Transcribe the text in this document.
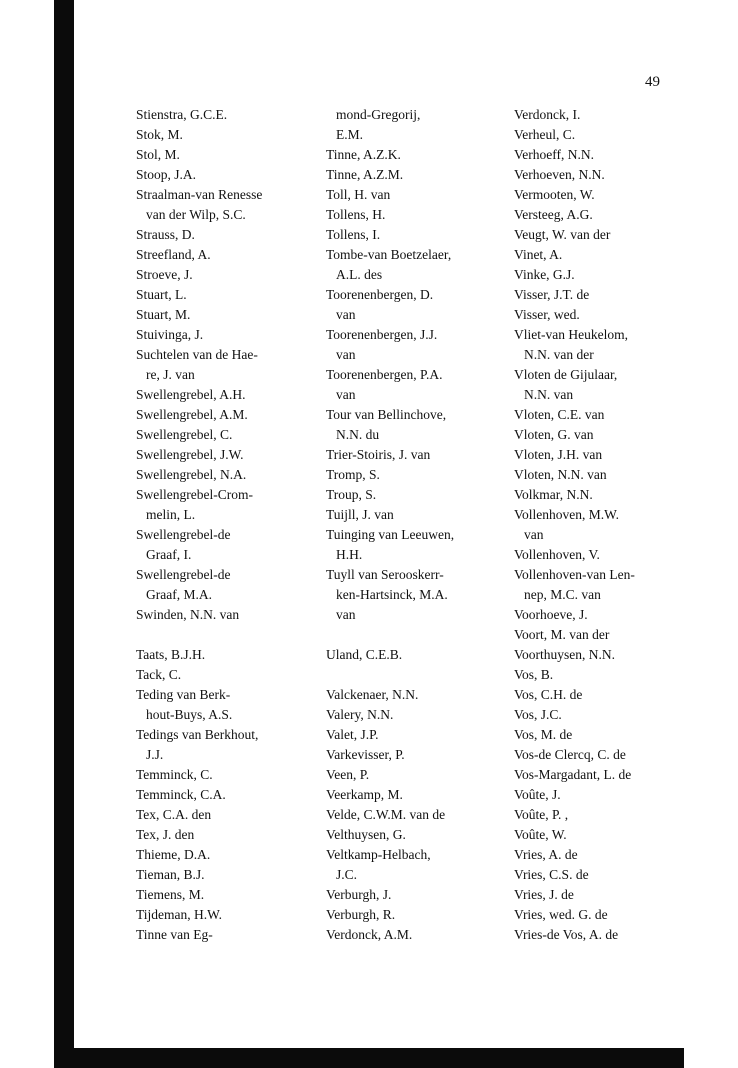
49
Stienstra, G.C.E.
Stok, M.
Stol, M.
Stoop, J.A.
Straalman-van Renesse
van der Wilp, S.C.
Strauss, D.
Streefland, A.
Stroeve, J.
Stuart, L.
Stuart, M.
Stuivinga, J.
Suchtelen van de Hae-
re, J. van
Swellengrebel, A.H.
Swellengrebel, A.M.
Swellengrebel, C.
Swellengrebel, J.W.
Swellengrebel, N.A.
Swellengrebel-Crom-
melin, L.
Swellengrebel-de
Graaf, I.
Swellengrebel-de
Graaf, M.A.
Swinden, N.N. van
Taats, B.J.H.
Tack, C.
Teding van Berk-
hout-Buys, A.S.
Tedings van Berkhout,
J.J.
Temminck, C.
Temminck, C.A.
Tex, C.A. den
Tex, J. den
Thieme, D.A.
Tieman, B.J.
Tiemens, M.
Tijdeman, H.W.
Tinne van Eg-
mond-Gregorij,
E.M.
Tinne, A.Z.K.
Tinne, A.Z.M.
Toll, H. van
Tollens, H.
Tollens, I.
Tombe-van Boetzelaer,
A.L. des
Toorenenbergen, D.
van
Toorenenbergen, J.J.
van
Toorenenbergen, P.A.
van
Tour van Bellinchove,
N.N. du
Trier-Stoiris, J. van
Tromp, S.
Troup, S.
Tuijll, J. van
Tuinging van Leeuwen,
H.H.
Tuyll van Serooskerr-
ken-Hartsinck, M.A.
van
Uland, C.E.B.
Valckenaer, N.N.
Valery, N.N.
Valet, J.P.
Varkevisser, P.
Veen, P.
Veerkamp, M.
Velde, C.W.M. van de
Velthuysen, G.
Veltkamp-Helbach,
J.C.
Verburgh, J.
Verburgh, R.
Verdonck, A.M.
Verdonck, I.
Verheul, C.
Verhoeff, N.N.
Verhoeven, N.N.
Vermooten, W.
Versteeg, A.G.
Veugt, W. van der
Vinet, A.
Vinke, G.J.
Visser, J.T. de
Visser, wed.
Vliet-van Heukelom,
N.N. van der
Vloten de Gijulaar,
N.N. van
Vloten, C.E. van
Vloten, G. van
Vloten, J.H. van
Vloten, N.N. van
Volkmar, N.N.
Vollenhoven, M.W.
van
Vollenhoven, V.
Vollenhoven-van Len-
nep, M.C. van
Voorhoeve, J.
Voort, M. van der
Voorthuysen, N.N.
Vos, B.
Vos, C.H. de
Vos, J.C.
Vos, M. de
Vos-de Clercq, C. de
Vos-Margadant, L. de
Voûte, J.
Voûte, P. ,
Voûte, W.
Vries, A. de
Vries, C.S. de
Vries, J. de
Vries, wed. G. de
Vries-de Vos, A. de
